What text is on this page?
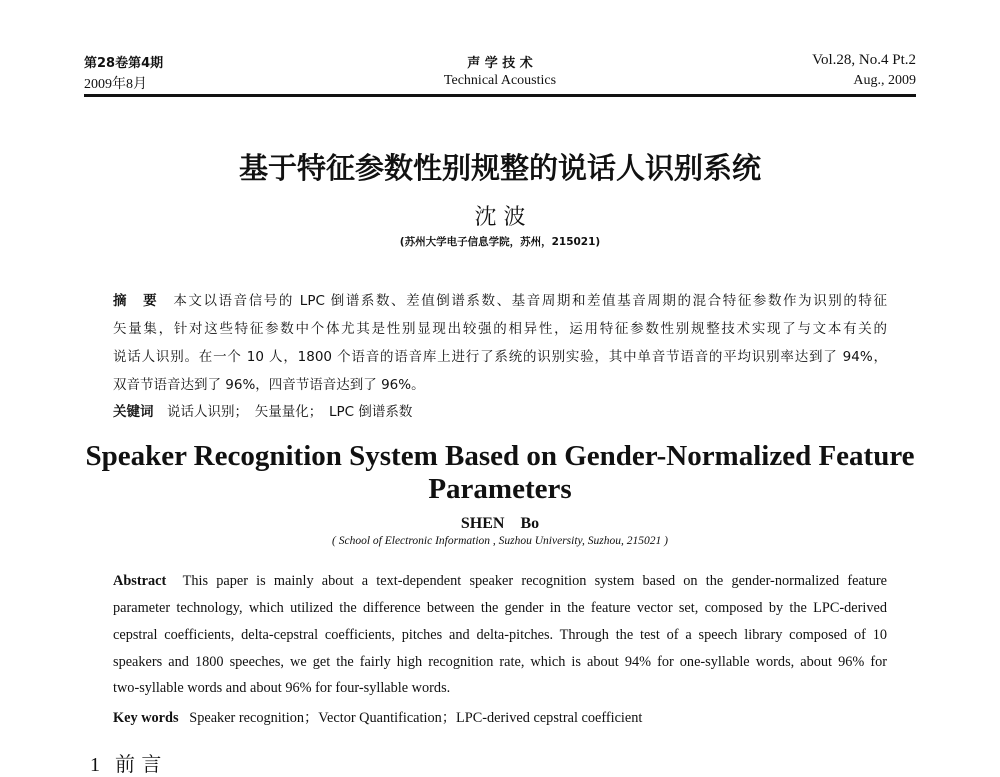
第28卷第4期
2009年8月
声 学 技 术
Technical Acoustics
Vol.28, No.4 Pt.2
Aug., 2009
基于特征参数性别规整的说话人识别系统
沈 波
(苏州大学电子信息学院，苏州，215021)
摘　要　 本文以语音信号的 LPC 倒谱系数、差值倒谱系数、基音周期和差值基音周期的混合特征参数作为识别的特征
矢量集，针对这些特征参数中个体尤其是性别显现出较强的相异性，运用特征参数性别规整技术实现了与文本有关的
说话人识别。在一个 10 人，1800 个语音的语音库上进行了系统的识别实验，其中单音节语音的平均识别率达到了 94%，
双音节语音达到了 96%，四音节语音达到了 96%。
关键词　 说话人识别；　矢量量化；　LPC 倒谱系数
Speaker Recognition System Based on Gender-Normalized Feature
Parameters
SHEN　Bo
( School of Electronic Information , Suzhou University, Suzhou, 215021 )
Abstract This paper is mainly about a text-dependent speaker recognition system based on the gender-normalized feature
parameter technology, which utilized the difference between the gender in the feature vector set, composed by the LPC-derived
cepstral coefficients, delta-cepstral coefficients, pitches and delta-pitches. Through the test of a speech library composed of 10
speakers and 1800 speeches, we get the fairly high recognition rate, which is about 94% for one-syllable words, about 96% for
two-syllable words and about 96% for four-syllable words.
Key words Speaker recognition；Vector Quantification；LPC-derived cepstral coefficient
1 前 言
